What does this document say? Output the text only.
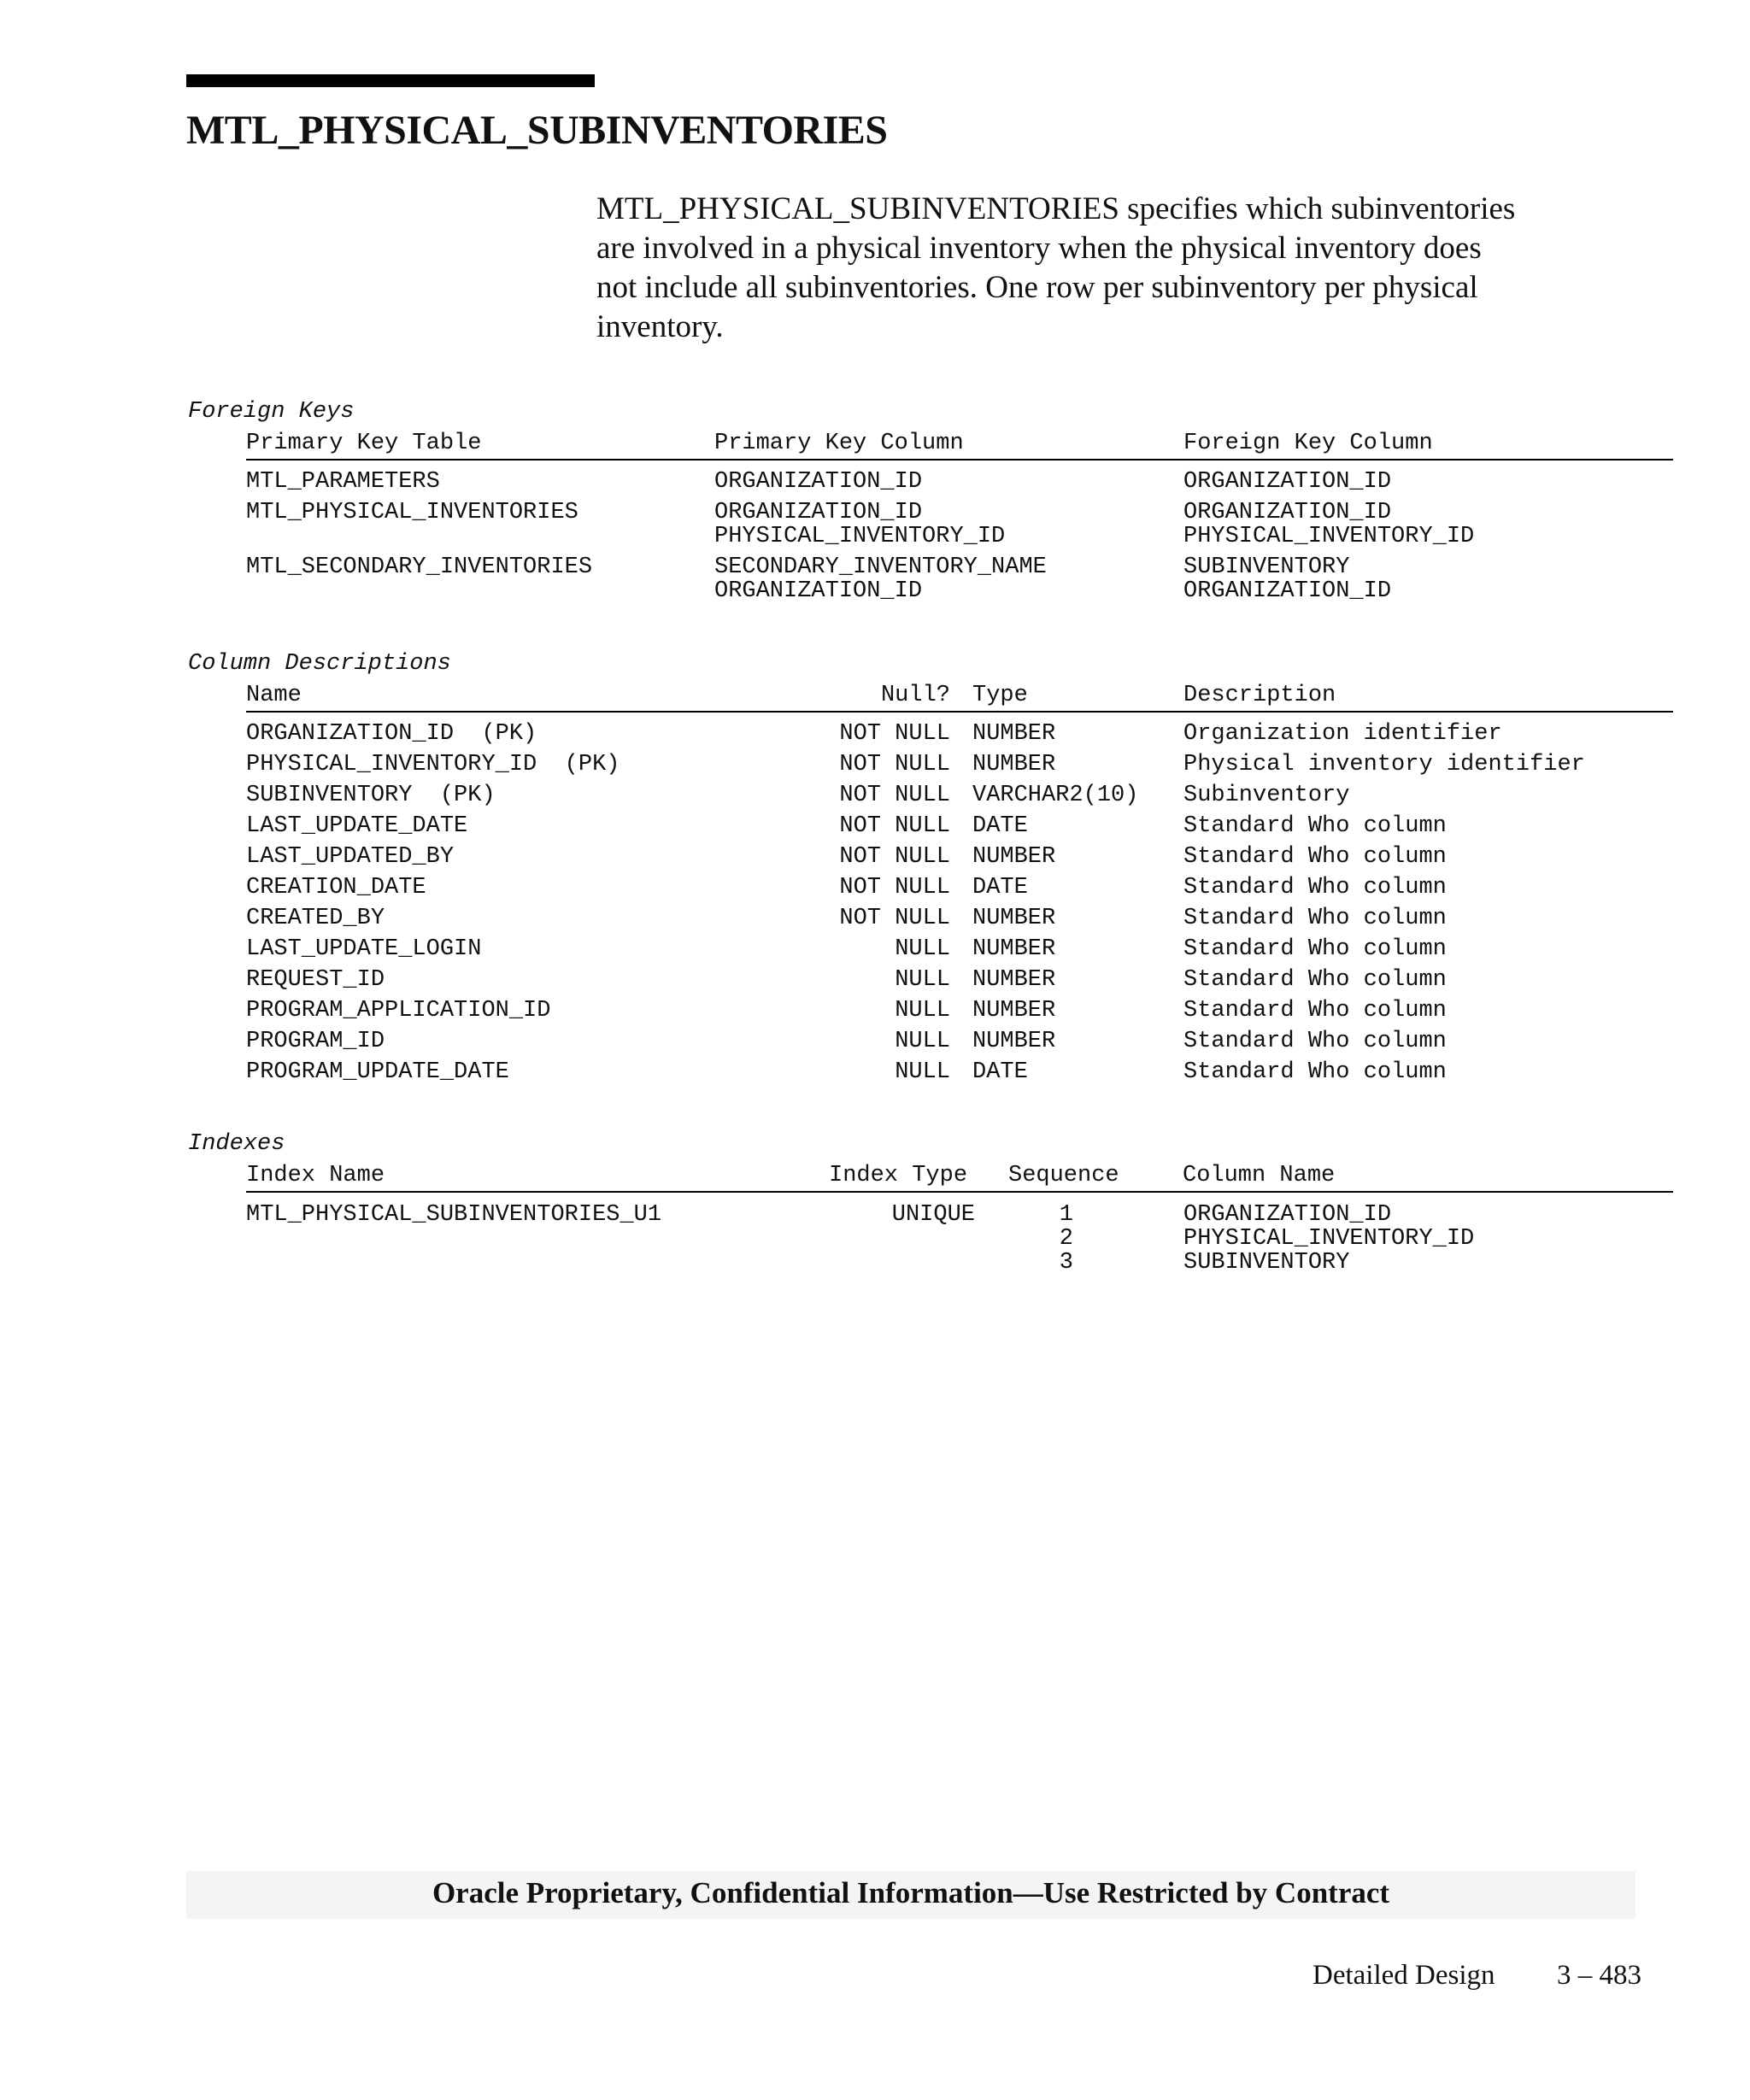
MTL_PHYSICAL_SUBINVENTORIES
MTL_PHYSICAL_SUBINVENTORIES specifies which subinventories
are involved in a physical inventory when the physical inventory does
not include all subinventories. One row per subinventory per physical
inventory.
Foreign Keys
Primary Key Table	Primary Key Column	Foreign Key Column
MTL_PARAMETERS	ORGANIZATION_ID	ORGANIZATION_ID
MTL_PHYSICAL_INVENTORIES	ORGANIZATION_ID	ORGANIZATION_ID
PHYSICAL_INVENTORY_ID	PHYSICAL_INVENTORY_ID
MTL_SECONDARY_INVENTORIES	SECONDARY_INVENTORY_NAME	SUBINVENTORY
ORGANIZATION_ID	ORGANIZATION_ID
Column Descriptions
Name	Null? Type	Description
ORGANIZATION_ID  (PK)	NOT NULL NUMBER	Organization identifier
PHYSICAL_INVENTORY_ID  (PK)	NOT NULL NUMBER	Physical inventory identifier
SUBINVENTORY  (PK)	NOT NULL VARCHAR2(10) Subinventory
LAST_UPDATE_DATE	NOT NULL DATE	Standard Who column
LAST_UPDATED_BY	NOT NULL NUMBER	Standard Who column
CREATION_DATE	NOT NULL DATE	Standard Who column
CREATED_BY	NOT NULL NUMBER	Standard Who column
LAST_UPDATE_LOGIN	NULL NUMBER	Standard Who column
REQUEST_ID	NULL NUMBER	Standard Who column
PROGRAM_APPLICATION_ID	NULL NUMBER	Standard Who column
PROGRAM_ID	NULL NUMBER	Standard Who column
PROGRAM_UPDATE_DATE	NULL DATE	Standard Who column
Indexes
Index Name	Index Type Sequence	Column Name
MTL_PHYSICAL_SUBINVENTORIES_U1	UNIQUE	1	ORGANIZATION_ID
2	PHYSICAL_INVENTORY_ID
3	SUBINVENTORY
Oracle Proprietary, Confidential Information––Use Restricted by Contract
Detailed Design 3 – 483
